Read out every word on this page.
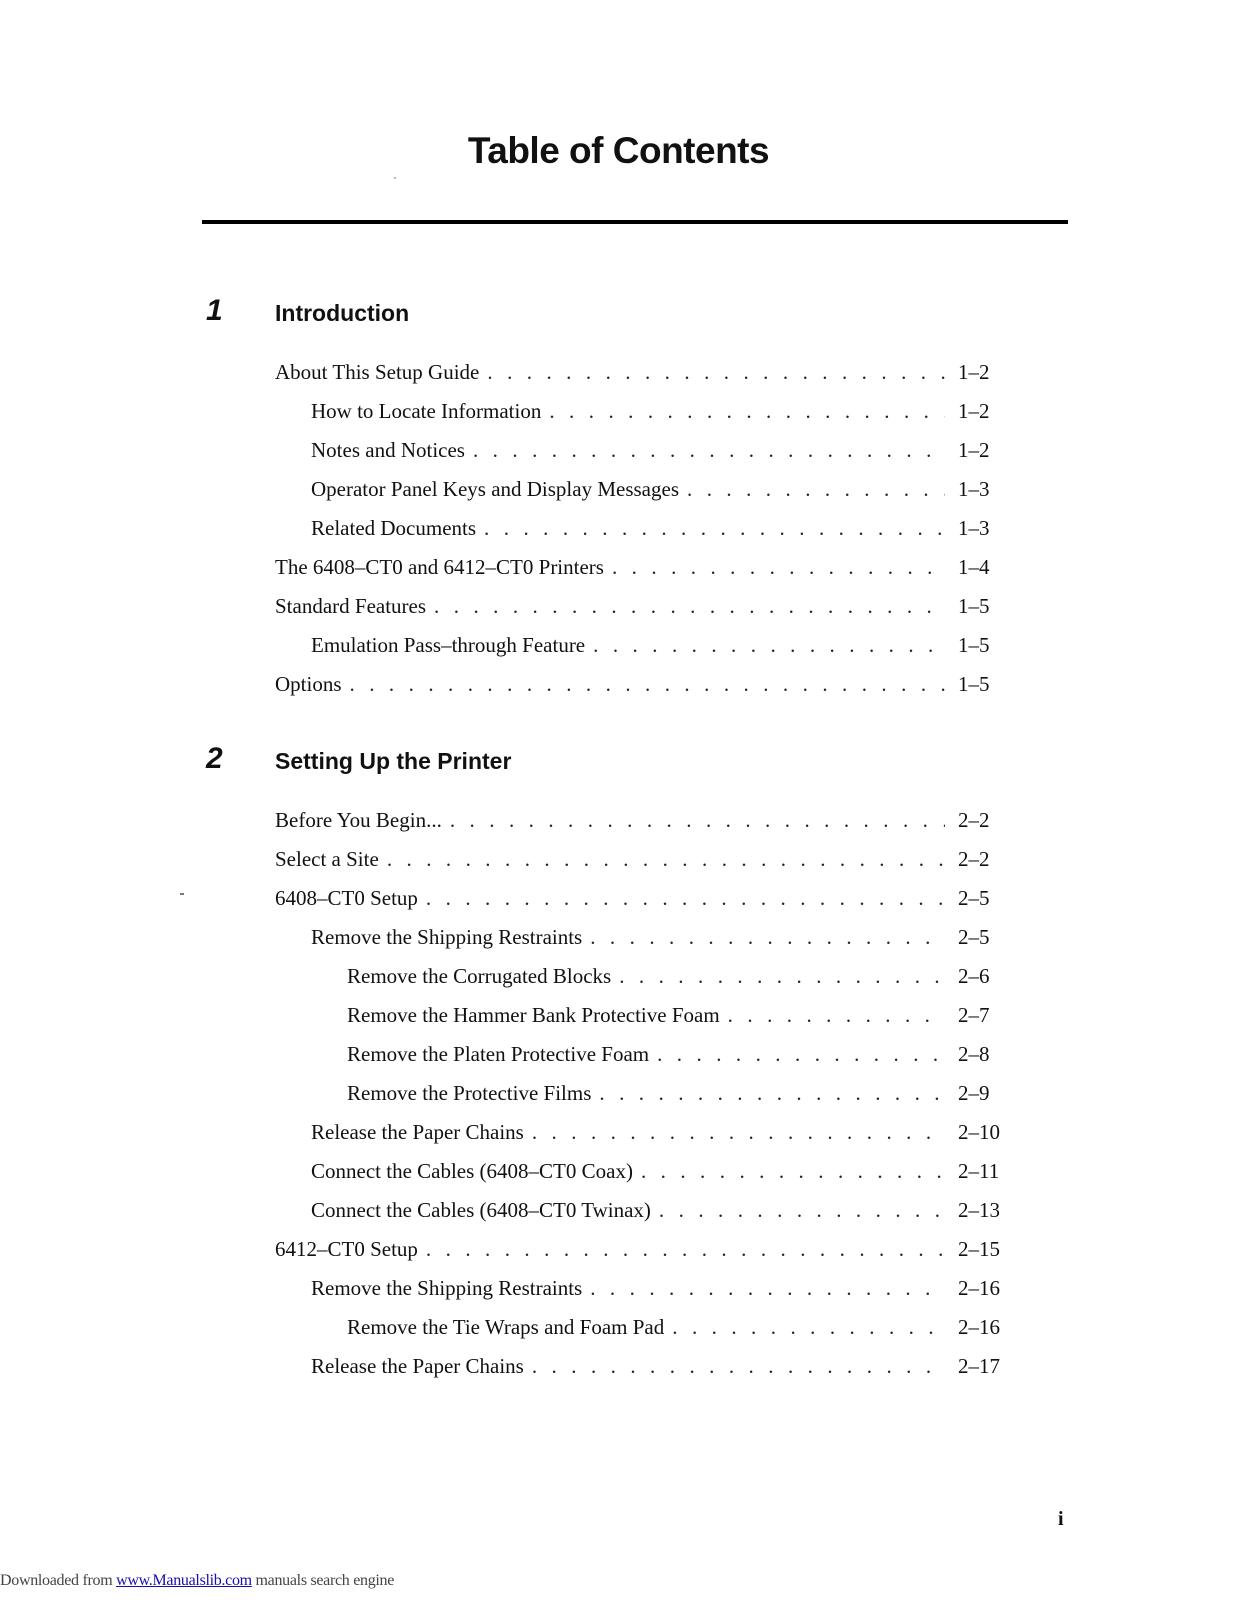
Table of Contents
1 Introduction
2 Setting Up the Printer
About This Setup Guide . . .	1–2
How to Locate Information . . .	1–2
Notes and Notices . . .	1–2
Operator Panel Keys and Display Messages . . .	1–3
Related Documents . . .	1–3
The 6408–CT0 and 6412–CT0 Printers . . .	1–4
Standard Features . . .	1–5
Emulation Pass–through Feature . . .	1–5
Options . . .	1–5
Before You Begin... . . .	2–2
Select a Site . . .	2–2
6408–CT0 Setup . . .	2–5
Remove the Shipping Restraints . . .	2–5
Remove the Corrugated Blocks . . .	2–6
Remove the Hammer Bank Protective Foam . . .	2–7
Remove the Platen Protective Foam . . .	2–8
Remove the Protective Films . . .	2–9
Release the Paper Chains . . .	2–10
Connect the Cables (6408–CT0 Coax) . . .	2–11
Connect the Cables (6408–CT0 Twinax) . . .	2–13
6412–CT0 Setup . . .	2–15
Remove the Shipping Restraints . . .	2–16
Remove the Tie Wraps and Foam Pad . . .	2–16
Release the Paper Chains . . .	2–17
i
Downloaded from www.Manualslib.com manuals search engine
